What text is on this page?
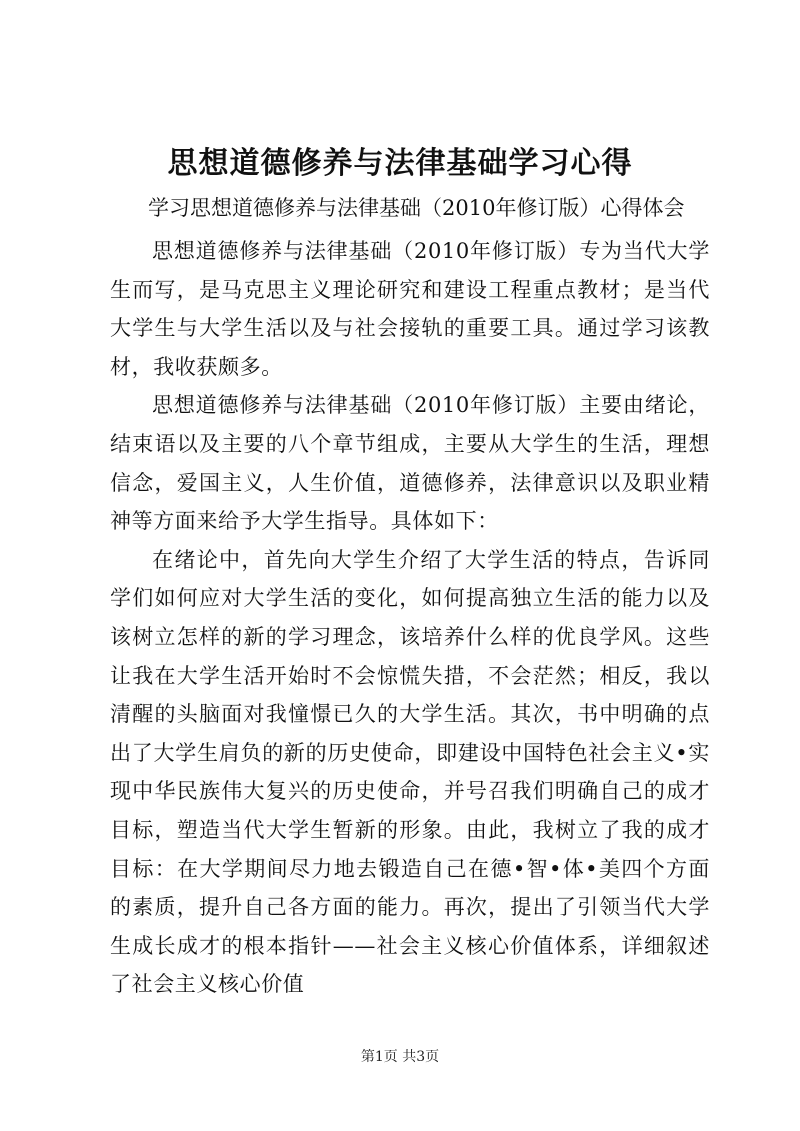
思想道德修养与法律基础学习心得
学习思想道德修养与法律基础（2010年修订版）心得体会

思想道德修养与法律基础（2010年修订版）专为当代大学生而写，是马克思主义理论研究和建设工程重点教材；是当代大学生与大学生活以及与社会接轨的重要工具。通过学习该教材，我收获颇多。

思想道德修养与法律基础（2010年修订版）主要由绪论，结束语以及主要的八个章节组成，主要从大学生的生活，理想信念，爱国主义，人生价值，道德修养，法律意识以及职业精神等方面来给予大学生指导。具体如下：

在绪论中，首先向大学生介绍了大学生活的特点，告诉同学们如何应对大学生活的变化，如何提高独立生活的能力以及该树立怎样的新的学习理念，该培养什么样的优良学风。这些让我在大学生活开始时不会惊慌失措，不会茫然；相反，我以清醒的头脑面对我憧憬已久的大学生活。其次，书中明确的点出了大学生肩负的新的历史使命，即建设中国特色社会主义•实现中华民族伟大复兴的历史使命，并号召我们明确自己的成才目标，塑造当代大学生暂新的形象。由此，我树立了我的成才目标：在大学期间尽力地去锻造自己在德•智•体•美四个方面的素质，提升自己各方面的能力。再次，提出了引领当代大学生成长成才的根本指针——社会主义核心价值体系，详细叙述了社会主义核心价值

第1页 共3页
